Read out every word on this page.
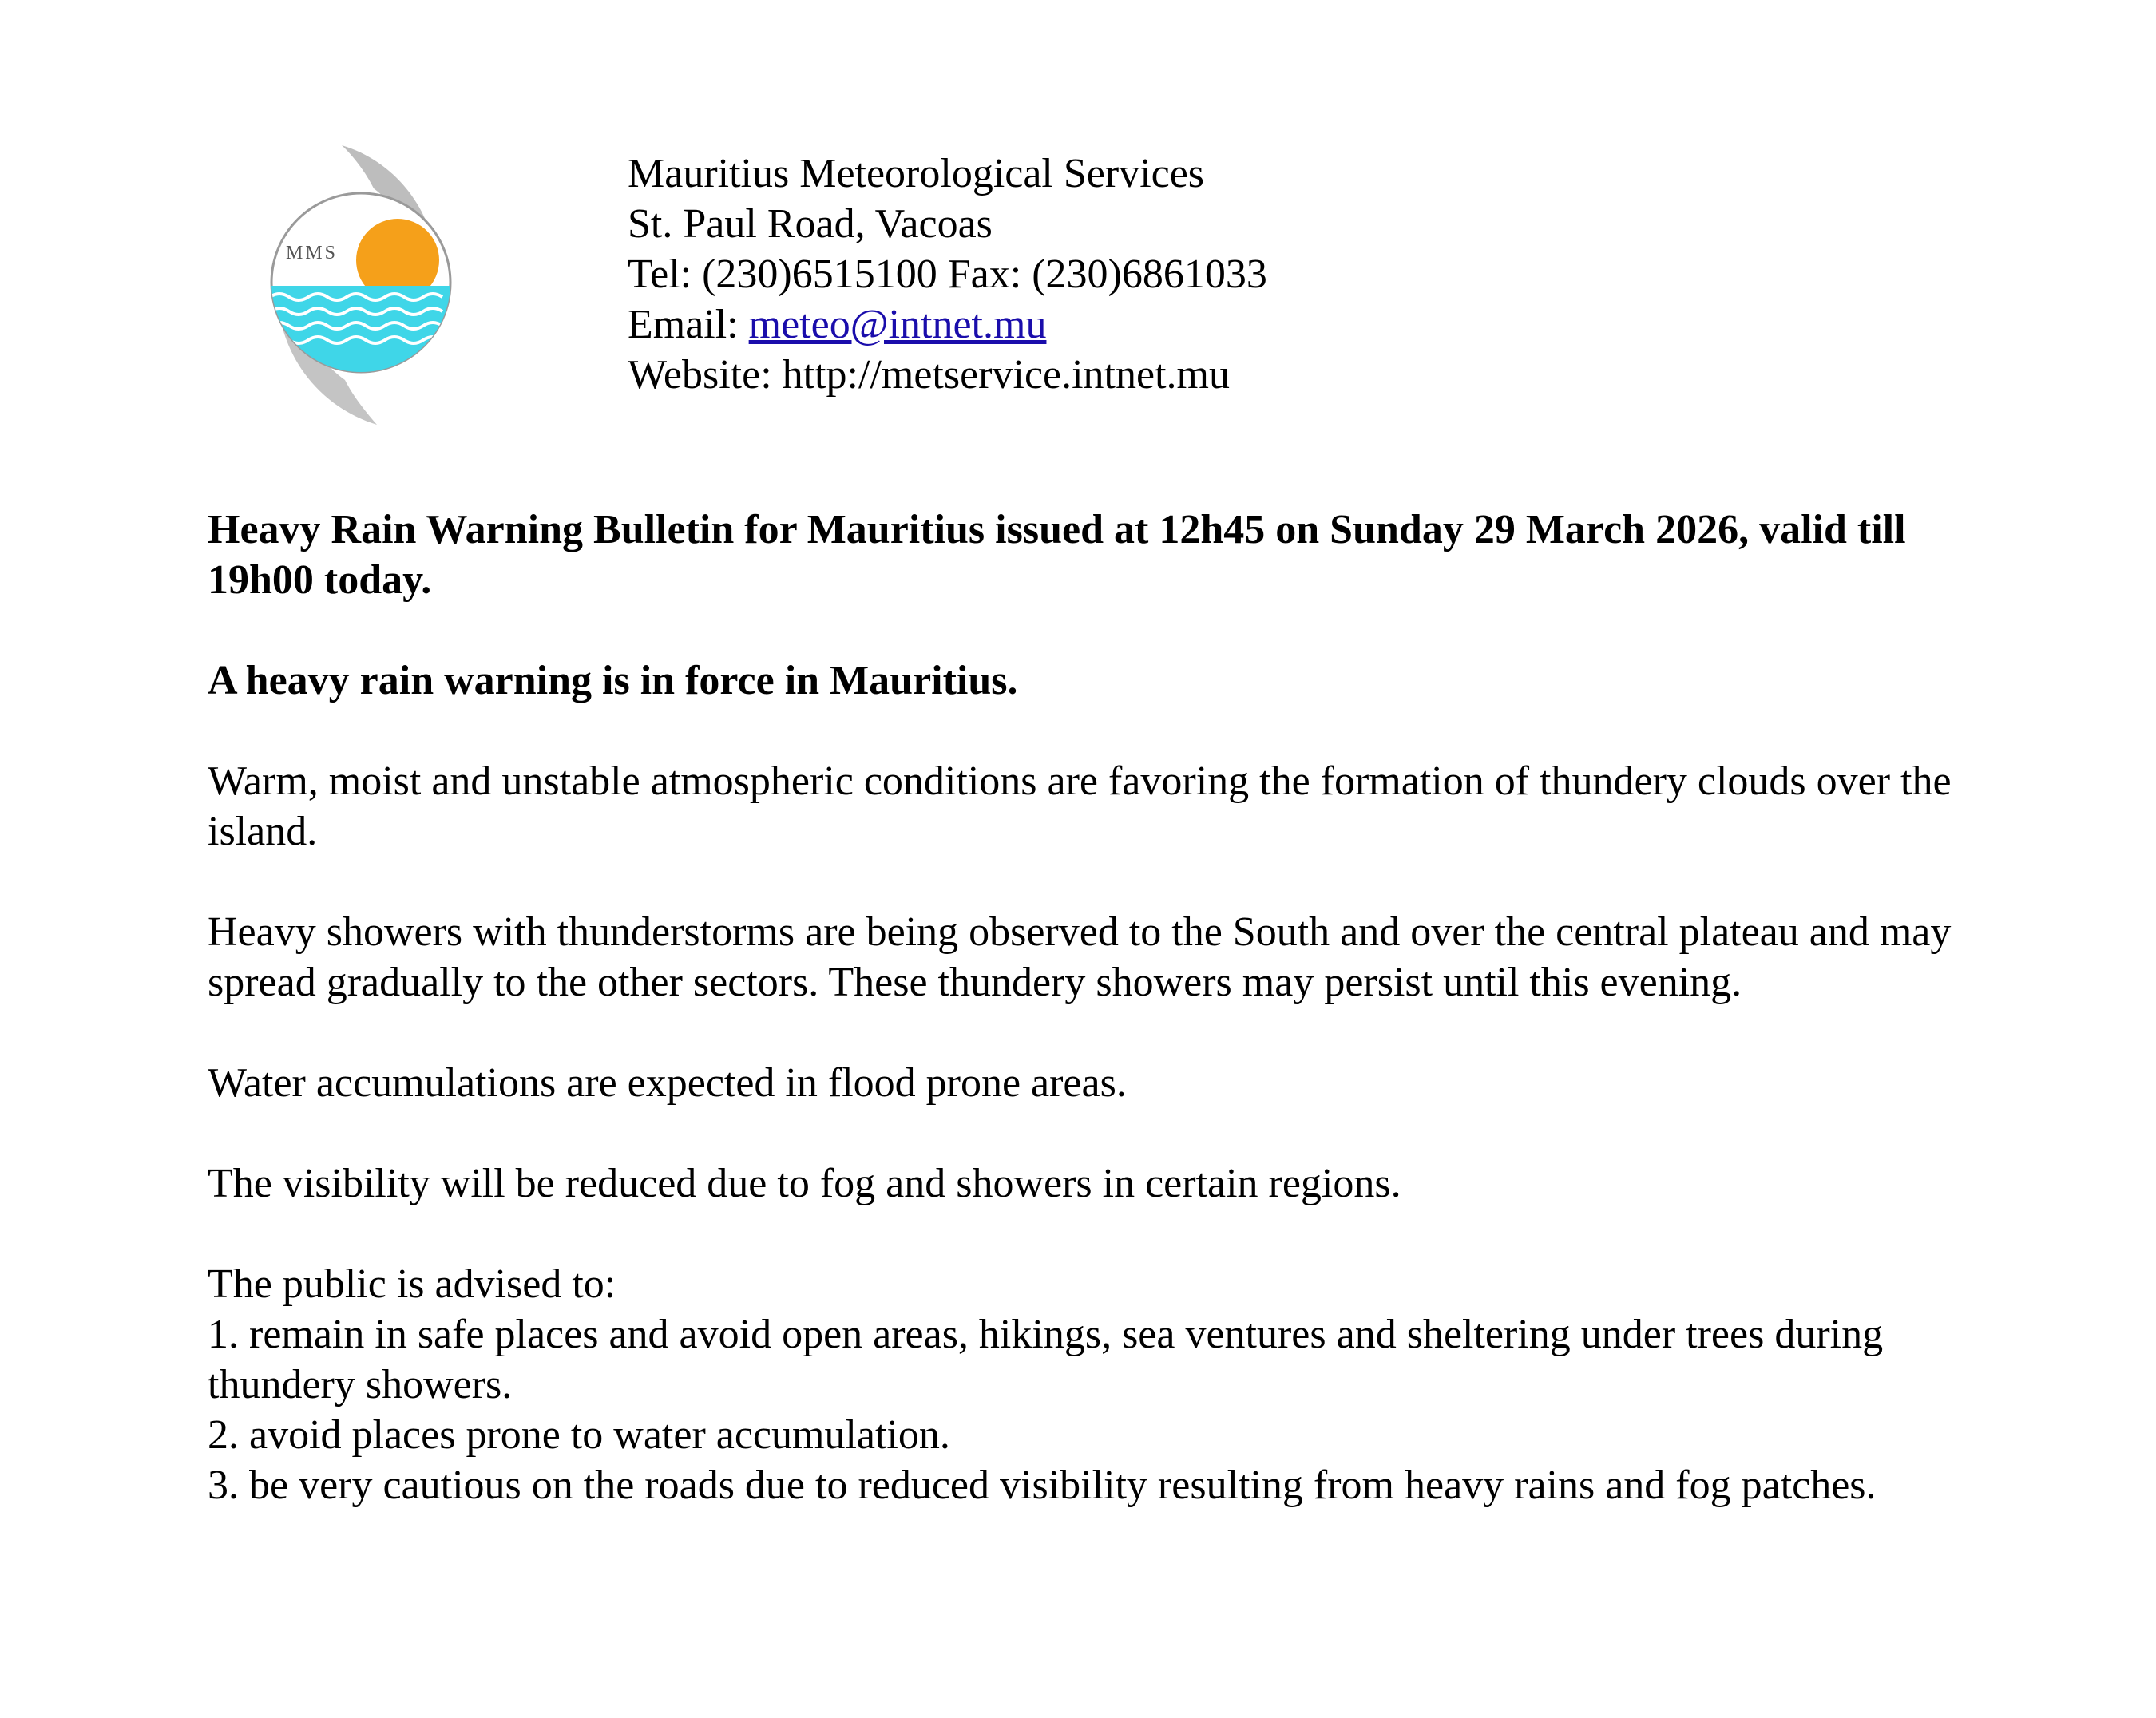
MMS
Mauritius Meteorological Services
St. Paul Road, Vacoas
Tel: (230)6515100 Fax: (230)6861033
Email: meteo@intnet.mu
Website: http://metservice.intnet.mu

Heavy Rain Warning Bulletin for Mauritius issued at 12h45 on Sunday 29 March 2026, valid till 19h00 today.

A heavy rain warning is in force in Mauritius.

Warm, moist and unstable atmospheric conditions are favoring the formation of thundery clouds over the island.

Heavy showers with thunderstorms are being observed to the South and over the central plateau and may spread gradually to the other sectors. These thundery showers may persist until this evening.

Water accumulations are expected in flood prone areas.

The visibility will be reduced due to fog and showers in certain regions.

The public is advised to:

1. remain in safe places and avoid open areas, hikings, sea ventures and sheltering under trees during thundery showers.

2. avoid places prone to water accumulation.

3. be very cautious on the roads due to reduced visibility resulting from heavy rains and fog patches.
